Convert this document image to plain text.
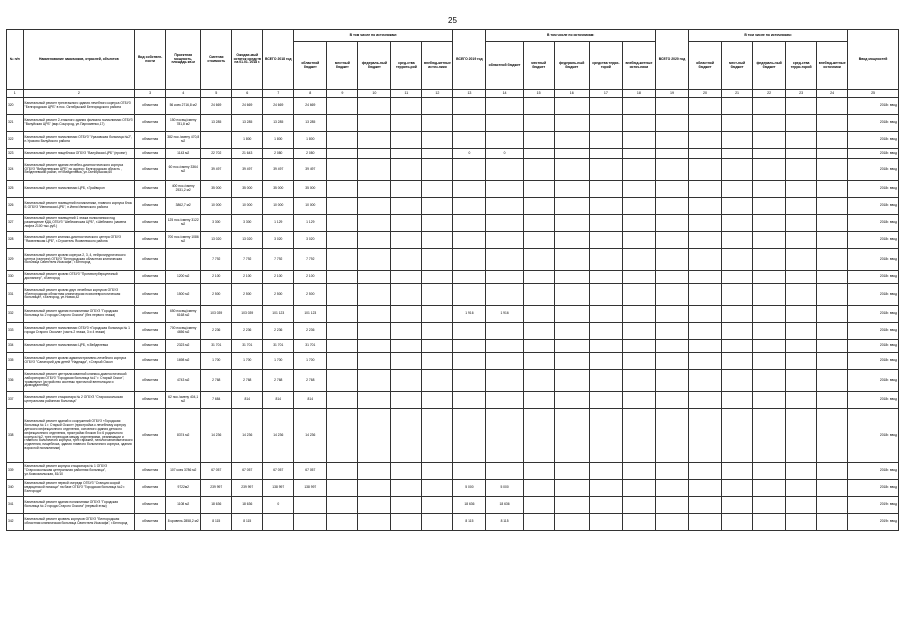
25
№ п/п	Наименование заказчиков, отраслей, объектов	Вид собствен-ности	Проектная мощность, площадь кв.м	Сметная стоимость	Ожидае-мый остаток средств на 01.01. 2018 г.	ВСЕГО 2018 год	В том числе по источникам:					ВСЕГО 2019 год	В том числе по источникам:					ВСЕГО 2020 год	В том числе по источникам:					Ввод мощностей
							областной бюджет	местный бюджет	федераль-ный бюджет	сред-ства террито-рий	внебюд-жетные источ-ники		областной бюджет	местный бюджет	федераль-ный бюджет	средства терри-торий	внебюд-жетные источ-ники		областной бюджет	мест-ный бюджет	федераль-ный бюджет	сред-ства терри-торий	внебюд-жетные источники	
1	2	3	4	5	6	7	8	9	10	11	12	13	14	15	16	17	18	19	20	21	22	23	24	25
320	Капитальный ремонт трехэтажного здания лечебного корпуса ОГБУЗ "Белгородская ЦРБ" в пос. Октябрьский Белгородского района	областная	56 коек 2716,8 м2	24 669	24 669	24 669	24 669																	2018г. ввод
321	Капитальный ремонт 2-этажного здания филиала поликлиники ОГБУЗ "Валуйская ЦРБ" (мкр.Соцгород, ул.Пархоменко,17)	областная	150 посещ/смену 781,8 м2	13 285	13 285	13 285	13 285																	2018г. ввод
322	Капитальный ремонт поликлиники ОГБУЗ "Уразовская больница №2", п.Уразово Валуйского района	областная	382 пос./смену 470,8 м2		1 800	1 800	1 800																	2018г. ввод
323	Капитальный ремонт пищеблока ОГБУЗ "Валуйская ЦРБ" (проект)	областная	1143 м2	22 702	21 643	2 080	2 080					0	0											2018г. ввод
324	Капитальный ремонт здания лечебно-диагностического корпуса ОГБУЗ "Вейделевская ЦРБ" по адресу: Белгородская область , Вейделевский район, пгт.Вейделевка, ул.Октябрьская,60	областная	60 пос./смену 3364 м2	39 497	39 497	39 497	39 497																	2018г. ввод
325	Капитальный ремонт поликлиники ЦРБ, г.Грайворон	областная	400 пос./смену 2531,2 м2	35 000	35 000	35 000	35 000																	2018г. ввод
326	Капитальный ремонт помещений поликлиники, главного корпуса блок Б ОГБУЗ "Ивнянская ЦРБ", п.Ивня Ивнянского района	областная	3862,7 м2	10 000	10 000	10 000	10 000																	2018г. ввод
327	Капитальный ремонт помещений 1 этажа поликлиники под размещение КДЦ ОГБУЗ "Шебекинская ЦРБ", г.Шебекино (замена лифта 2100 тыс.руб.)	областная	125 пос./смену 3122 м2	3 300	3 300	1 129	1 129																	2018г. ввод
328	Капитальный ремонт клинико-диагностического центра ОГБУЗ "Яковлевская ЦРБ", г.Строитель Яковлевского района	областная	700 пос./смену 1086 м2	13 020	13 020	3 020	3 020																	2018г. ввод
329	Капитальный ремонт кровли корпуса 2, 3, 4, нейрохирургического центра (галерея) ОГБУЗ "Белгородская областная клиническая больница Святителя Иоасафа", г.Белгород	областная		7 792	7 792	7 792	7 792																	2018г. ввод
330	Капитальный ремонт кровли ОГБУЗ "Противотуберкулезный диспансер", г.Белгород	областная	1200 м2	2 100	2 100	2 100	2 100																	2018г. ввод
331	Капитальный ремонт кровли двух лечебных корпусов ОГБУЗ «Белгородская областная клиническая психоневрологическая больница», г.Белгород, ул.Новая,42	областная	1500 м2	2 500	2 500	2 500	2 500																	2018г. ввод
332	Капитальный ремонт здания поликлиники ОГБУЗ "Городская больница № 2 города Старого Оскола" (без первого этажа)	областная	650 посещ/смену 6168 м2	103 039	103 039	101 123	101 123					1 916	1 916											2018г. ввод
333	Капитальный ремонт поликлиники ОГБУЗ «Городская больница № 1 города Старого Оскола» (часть 2 этажа, 3 и 4 этажи)	областная	700 посещ/смену 4656 м2	2 236	2 236	2 236	2 236																	2018г. ввод
334	Капитальный ремонт поликлиники ЦРБ, п.Вейделевка	областная	2323 м2	31 701	31 701	31 701	31 701																	2018г. ввод
335	Капитальный ремонт кровли административно-лечебного корпуса ОГБУЗ "Санаторий для детей "Надежда", г.Старый Оскол	областная	1698 м2	1 700	1 700	1 700	1 700																	2018г. ввод
336	Капитальный ремонт централизованной клинико-диагностической лаборатории ОГБУЗ "Городская больница №1" г. Старый Оскол", травмпункт (устройство системы приточной вентиляции и дымоудаления)	областная	4743 м2	2 768	2 768	2 768	2 768																	2018г. ввод
337	Капитальный ремонт стационара № 2 ОГБУЗ "Старооскольская центральная районная больница"	областная	62 пос./смену 404,1 м2	7 684	814	814	814																	2018г. ввод
338	Капитальный ремонт зданий и сооружений ОГБУЗ «Городская больница № 1 г. Старый Оскол» (пристройка к лечебному корпусу детского инфекционного отделения, основного здания детского инфекционного отделения, пристройки блоков 5 и 6 родильного корпуса №2, трех переходов между отделениями, реанимации и главного больничного корпуса, трех гаражей, патологоанатомического отделения, пищеблока, здания главного больничного корпуса, здания взрослой поликлиники)	областная	8374 м2	14 236	14 236	14 236	14 236																	2018г. ввод
339	Капитальный ремонт корпуса стационара № 1 ОГБУЗ "Старооскольская центральная районная больница", ул.Комсомольская, 81/10	областная	107 коек 3786 м2	67 057	67 057	67 057	67 057																	2018г. ввод
340	Капитальный ремонт первой очереди ОГБУЗ "Станция скорой медицинской помощи" на базе ОГБУЗ "Городская больница №2 г. Белгорода"	областная	9722м2	239 997	239 997	138 997	138 997					5 000	5 000											2018г. ввод
341	Капитальный ремонт здания поликлиники ОГБУЗ "Городская больница № 2 города Старого Оскола" (первый этаж)	областная	1108 м2	18 636	18 636	0						18 636	18 636											2019г. ввод
342	Капитальный ремонт кровель корпусов ОГБУЗ "Белгородская областная клиническая больница Святителя Иоасафа", г.Белгород	областная	8 кровель 2858,2 м2	8 115	8 115							8 115	8 115											2019г. ввод
